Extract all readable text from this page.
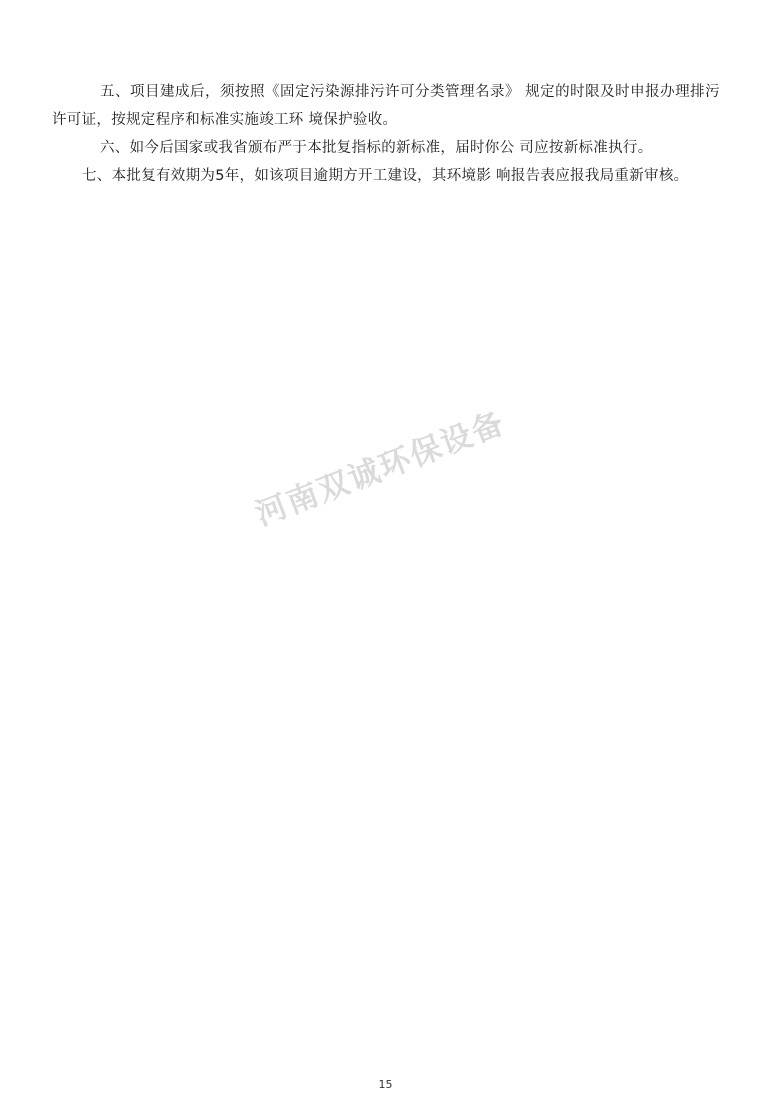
五、项目建成后，须按照《固定污染源排污许可分类管理名录》 规定的时限及时申报办理排污许可证，按规定程序和标准实施竣工环 境保护验收。

六、如今后国家或我省颁布严于本批复指标的新标准，届时你公 司应按新标准执行。

七、本批复有效期为5年，如该项目逾期方开工建设，其环境影 响报告表应报我局重新审核。

河南双诚环保设备
15
